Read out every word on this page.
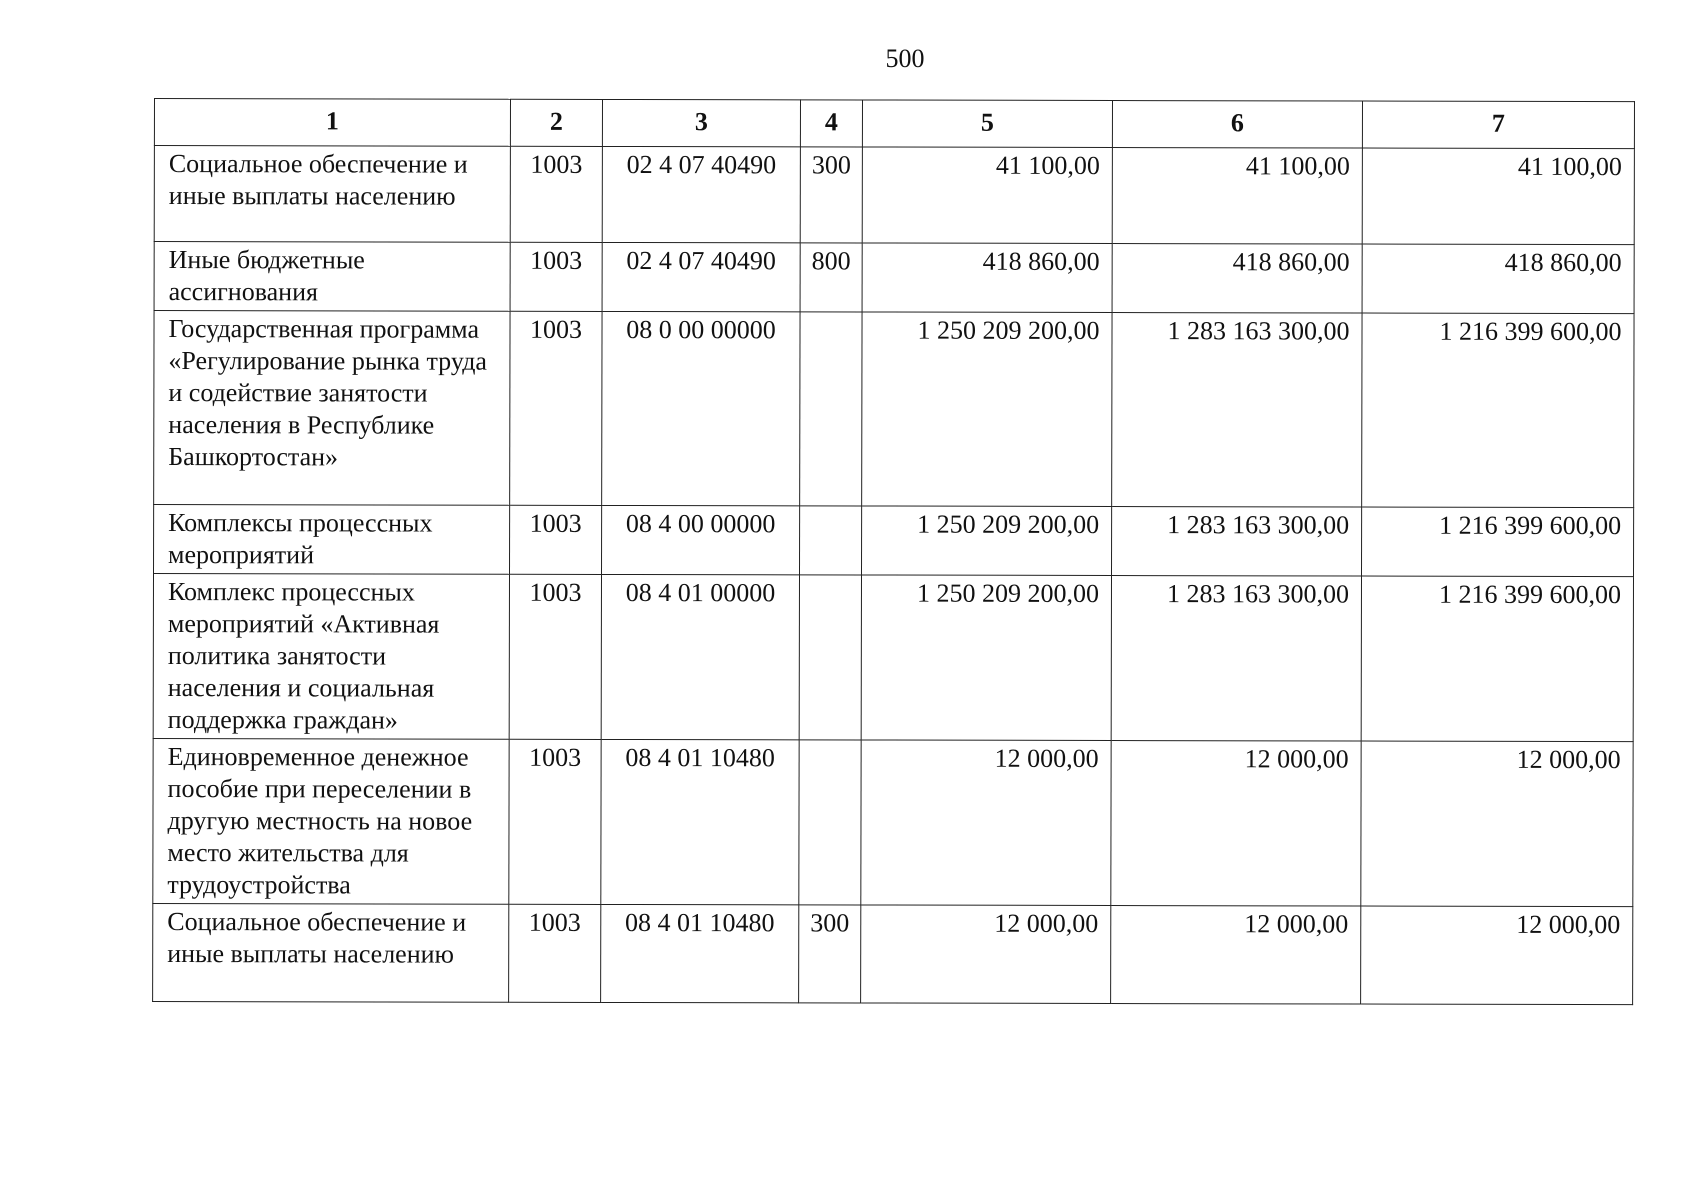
500
1	2	3	4	5	6	7
Социальное обеспечение и иные выплаты населению	1003	02 4 07 40490	300	41 100,00	41 100,00	41 100,00
Иные бюджетные ассигнования	1003	02 4 07 40490	800	418 860,00	418 860,00	418 860,00
Государственная программа «Регулирование рынка труда и содействие занятости населения в Республике Башкортостан»	1003	08 0 00 00000		1 250 209 200,00	1 283 163 300,00	1 216 399 600,00
Комплексы процессных мероприятий	1003	08 4 00 00000		1 250 209 200,00	1 283 163 300,00	1 216 399 600,00
Комплекс процессных мероприятий «Активная политика занятости населения и социальная поддержка граждан»	1003	08 4 01 00000		1 250 209 200,00	1 283 163 300,00	1 216 399 600,00
Единовременное денежное пособие при переселении в другую местность на новое место жительства для трудоустройства	1003	08 4 01 10480		12 000,00	12 000,00	12 000,00
Социальное обеспечение и иные выплаты населению	1003	08 4 01 10480	300	12 000,00	12 000,00	12 000,00
